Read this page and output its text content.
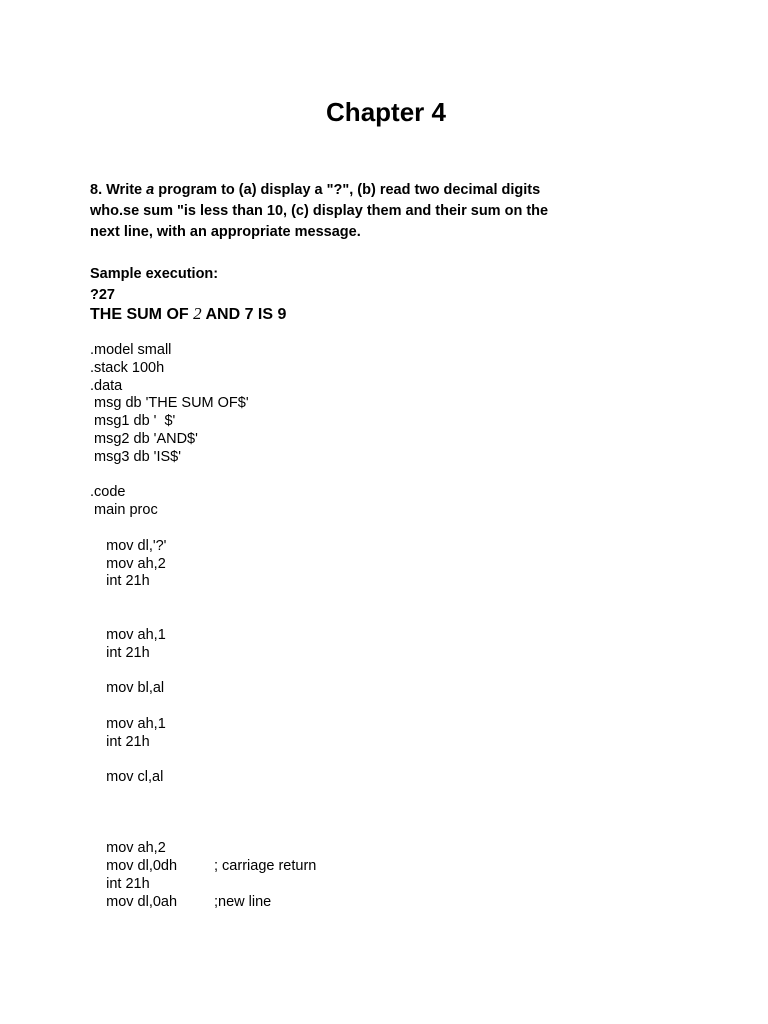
Chapter 4
8. Write a program to (a) display a "?", (b) read two decimal digits
who.se sum "is less than 10, (c) display them and their sum on the
next line, with an appropriate message.
Sample execution:
?27
THE SUM OF 2 AND 7 IS 9
.model small
.stack 100h
.data
msg db 'THE SUM OF$'
msg1 db '  $'
msg2 db 'AND$'
msg3 db 'IS$'
.code
main proc
mov dl,'?'
mov ah,2
int 21h
mov ah,1
int 21h
mov bl,al
mov ah,1
int 21h
mov cl,al
mov ah,2
mov dl,0dh	; carriage return
int 21h
mov dl,0ah	;new line
